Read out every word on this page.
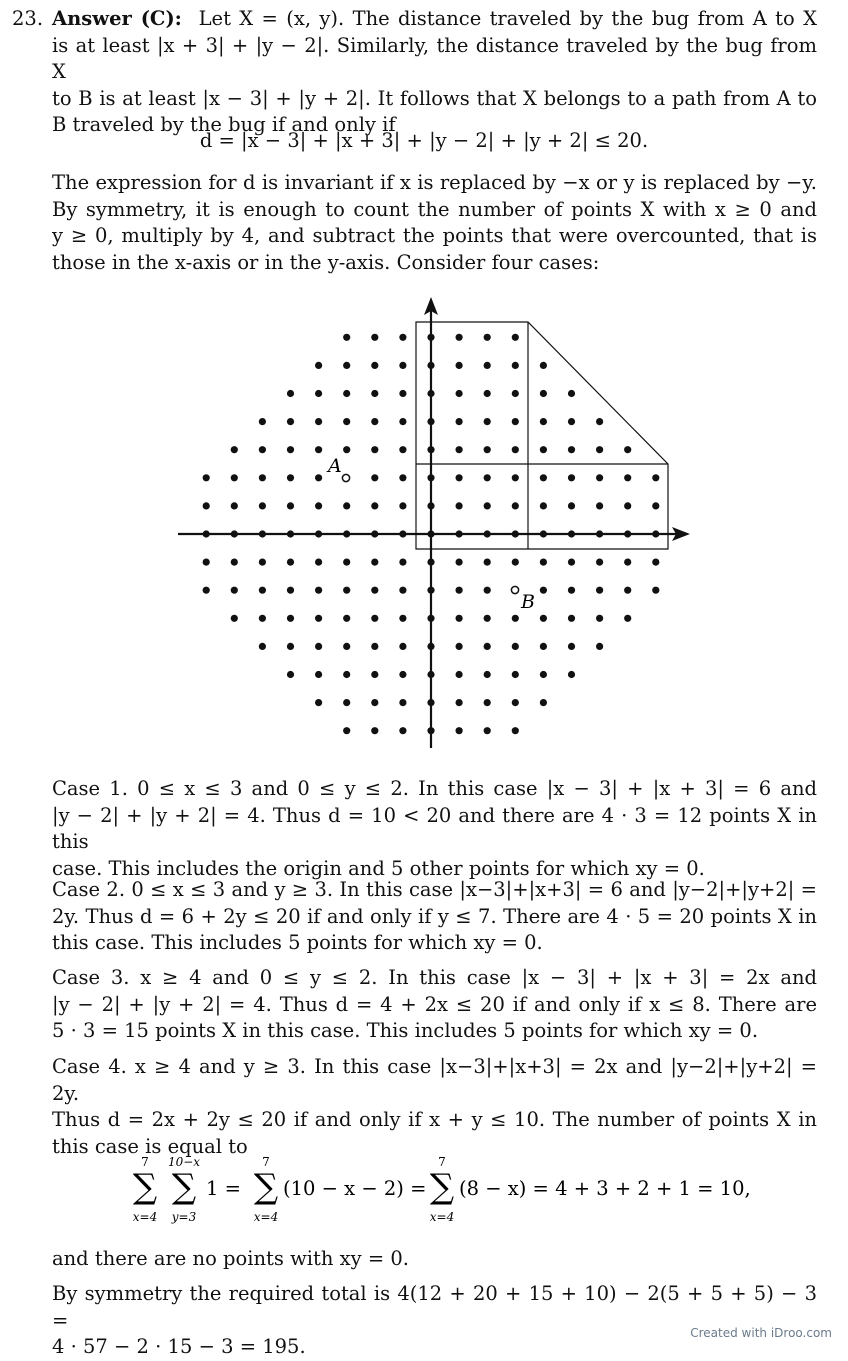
23. Answer (C): Let X = (x, y). The distance traveled by the bug from A to X
is at least |x + 3| + |y − 2|. Similarly, the distance traveled by the bug from X
to B is at least |x − 3| + |y + 2|. It follows that X belongs to a path from A to
B traveled by the bug if and only if
d = |x − 3| + |x + 3| + |y − 2| + |y + 2| ≤ 20.
The expression for d is invariant if x is replaced by −x or y is replaced by −y.
By symmetry, it is enough to count the number of points X with x ≥ 0 and
y ≥ 0, multiply by 4, and subtract the points that were overcounted, that is
those in the x-axis or in the y-axis. Consider four cases:
A
B
Case 1. 0 ≤ x ≤ 3 and 0 ≤ y ≤ 2. In this case |x − 3| + |x + 3| = 6 and
|y − 2| + |y + 2| = 4. Thus d = 10 < 20 and there are 4 · 3 = 12 points X in this
case. This includes the origin and 5 other points for which xy = 0.
Case 2. 0 ≤ x ≤ 3 and y ≥ 3. In this case |x−3|+|x+3| = 6 and |y−2|+|y+2| =
2y. Thus d = 6 + 2y ≤ 20 if and only if y ≤ 7. There are 4 · 5 = 20 points X in
this case. This includes 5 points for which xy = 0.
Case 3. x ≥ 4 and 0 ≤ y ≤ 2. In this case |x − 3| + |x + 3| = 2x and
|y − 2| + |y + 2| = 4. Thus d = 4 + 2x ≤ 20 if and only if x ≤ 8. There are
5 · 3 = 15 points X in this case. This includes 5 points for which xy = 0.
Case 4. x ≥ 4 and y ≥ 3. In this case |x−3|+|x+3| = 2x and |y−2|+|y+2| = 2y.
Thus d = 2x + 2y ≤ 20 if and only if x + y ≤ 10. The number of points X in
this case is equal to
7
∑
x=4
10−x
∑
y=3
1 =
7
∑
x=4
(10 − x − 2) =
7
∑
x=4
(8 − x) = 4 + 3 + 2 + 1 = 10,
and there are no points with xy = 0.
By symmetry the required total is 4(12 + 20 + 15 + 10) − 2(5 + 5 + 5) − 3 =
4 · 57 − 2 · 15 − 3 = 195.
Created with iDroo.com
